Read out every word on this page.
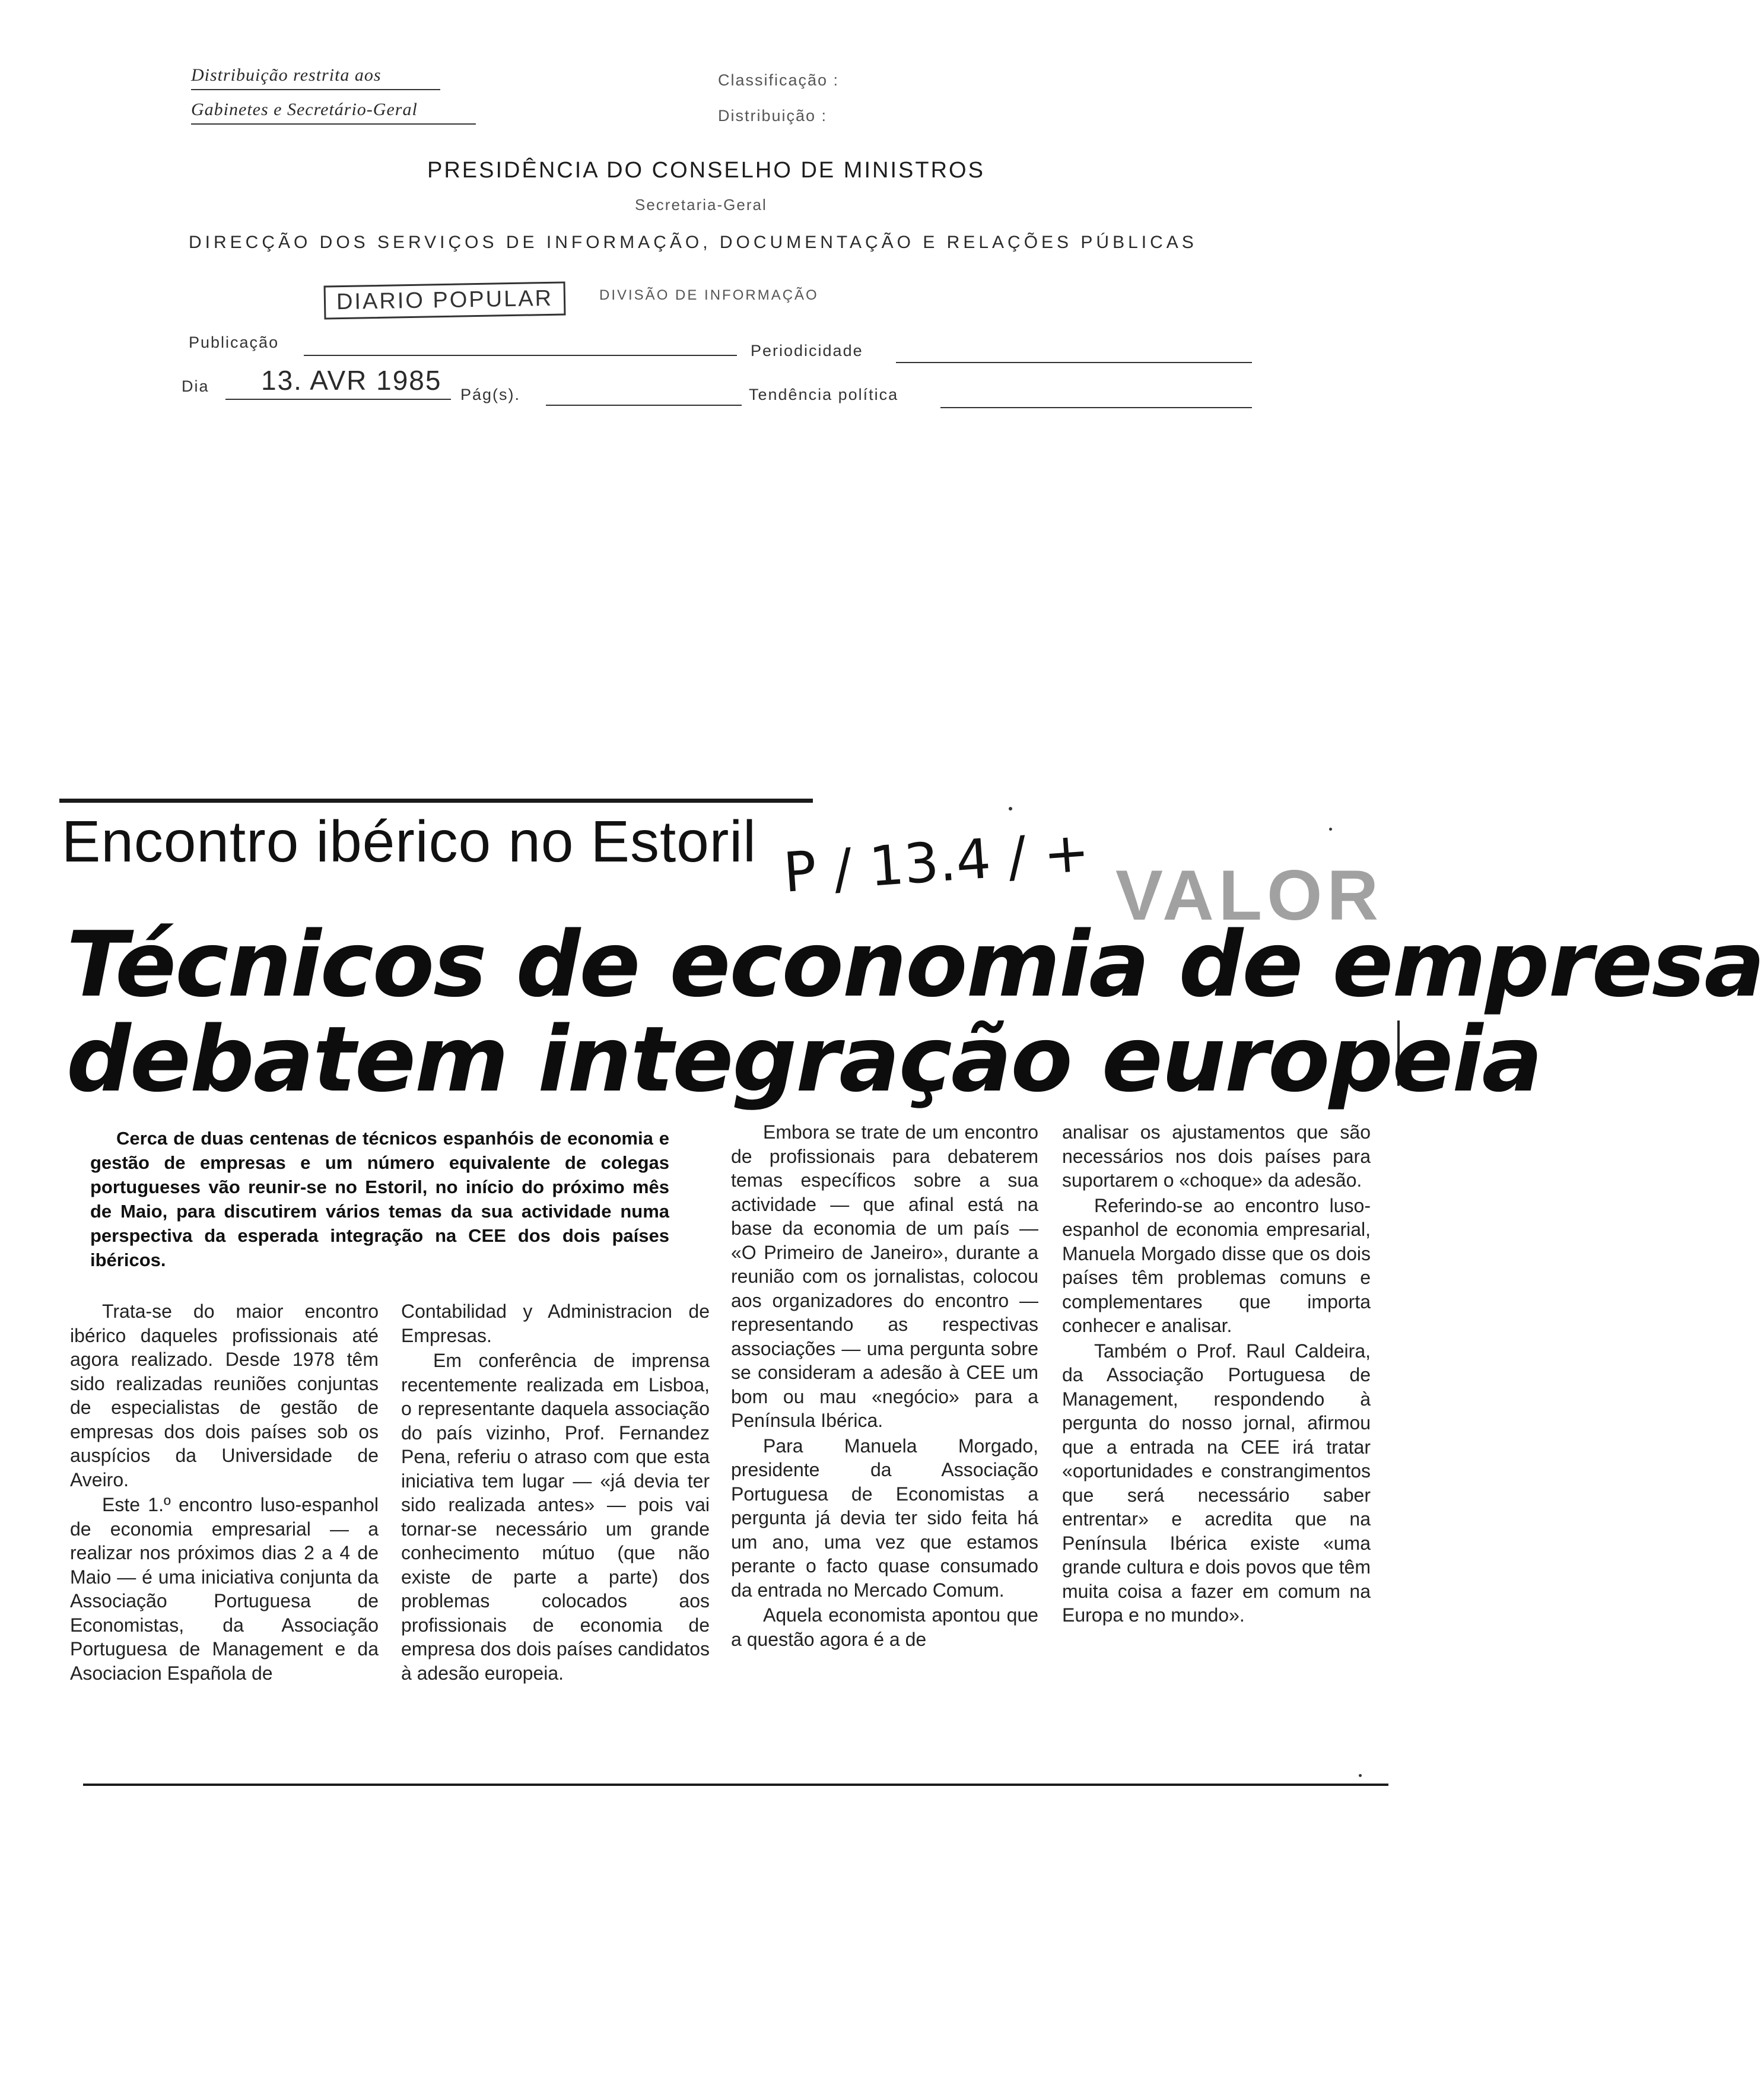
Distribuição restrita aos
Gabinetes e Secretário-Geral
Classificação :
Distribuição :
PRESIDÊNCIA DO CONSELHO DE MINISTROS
Secretaria-Geral
DIRECÇÃO DOS SERVIÇOS DE INFORMAÇÃO, DOCUMENTAÇÃO E RELAÇÕES PÚBLICAS
DIARIO POPULAR	DIVISÃO DE INFORMAÇÃO
Publicação	Periodicidade
Dia 13. AVR 1985 Pág(s).	Tendência política
Encontro ibérico no Estoril P / 13.4 / + VALOR
Técnicos de economia de empresa
debatem integração europeia
Cerca de duas centenas de técnicos espanhóis de economia e gestão de empresas e um número equivalente de colegas portugueses vão reunir-se no Estoril, no início do próximo mês de Maio, para discutirem vários temas da sua actividade numa perspectiva da esperada integração na CEE dos dois países ibéricos.

Trata-se do maior encontro ibérico daqueles profissionais até agora realizado. Desde 1978 têm sido realizadas reuniões conjuntas de especialistas de gestão de empresas dos dois países sob os auspícios da Universidade de Aveiro.

Este 1.º encontro luso-espanhol de economia empresarial — a realizar nos próximos dias 2 a 4 de Maio — é uma iniciativa conjunta da Associação Portuguesa de Economistas, da Associação Portuguesa de Management e da Asociacion Española de

Contabilidad y Administracion de Empresas.

Em conferência de imprensa recentemente realizada em Lisboa, o representante daquela associação do país vizinho, Prof. Fernandez Pena, referiu o atraso com que esta iniciativa tem lugar — «já devia ter sido realizada antes» — pois vai tornar-se necessário um grande conhecimento mútuo (que não existe de parte a parte) dos problemas colocados aos profissionais de economia de empresa dos dois países candidatos à adesão europeia.

Embora se trate de um encontro de profissionais para debaterem temas específicos sobre a sua actividade — que afinal está na base da economia de um país — «O Primeiro de Janeiro», durante a reunião com os jornalistas, colocou aos organizadores do encontro — representando as respectivas associações — uma pergunta sobre se consideram a adesão à CEE um bom ou mau «negócio» para a Península Ibérica.

Para Manuela Morgado, presidente da Associação Portuguesa de Economistas a pergunta já devia ter sido feita há um ano, uma vez que estamos perante o facto quase consumado da entrada no Mercado Comum.

Aquela economista apontou que a questão agora é a de

analisar os ajustamentos que são necessários nos dois países para suportarem o «choque» da adesão.

Referindo-se ao encontro luso-espanhol de economia empresarial, Manuela Morgado disse que os dois países têm problemas comuns e complementares que importa conhecer e analisar.

Também o Prof. Raul Caldeira, da Associação Portuguesa de Management, respondendo à pergunta do nosso jornal, afirmou que a entrada na CEE irá tratar «oportunidades e constrangimentos que será necessário saber entrentar» e acredita que na Península Ibérica existe «uma grande cultura e dois povos que têm muita coisa a fazer em comum na Europa e no mundo».
